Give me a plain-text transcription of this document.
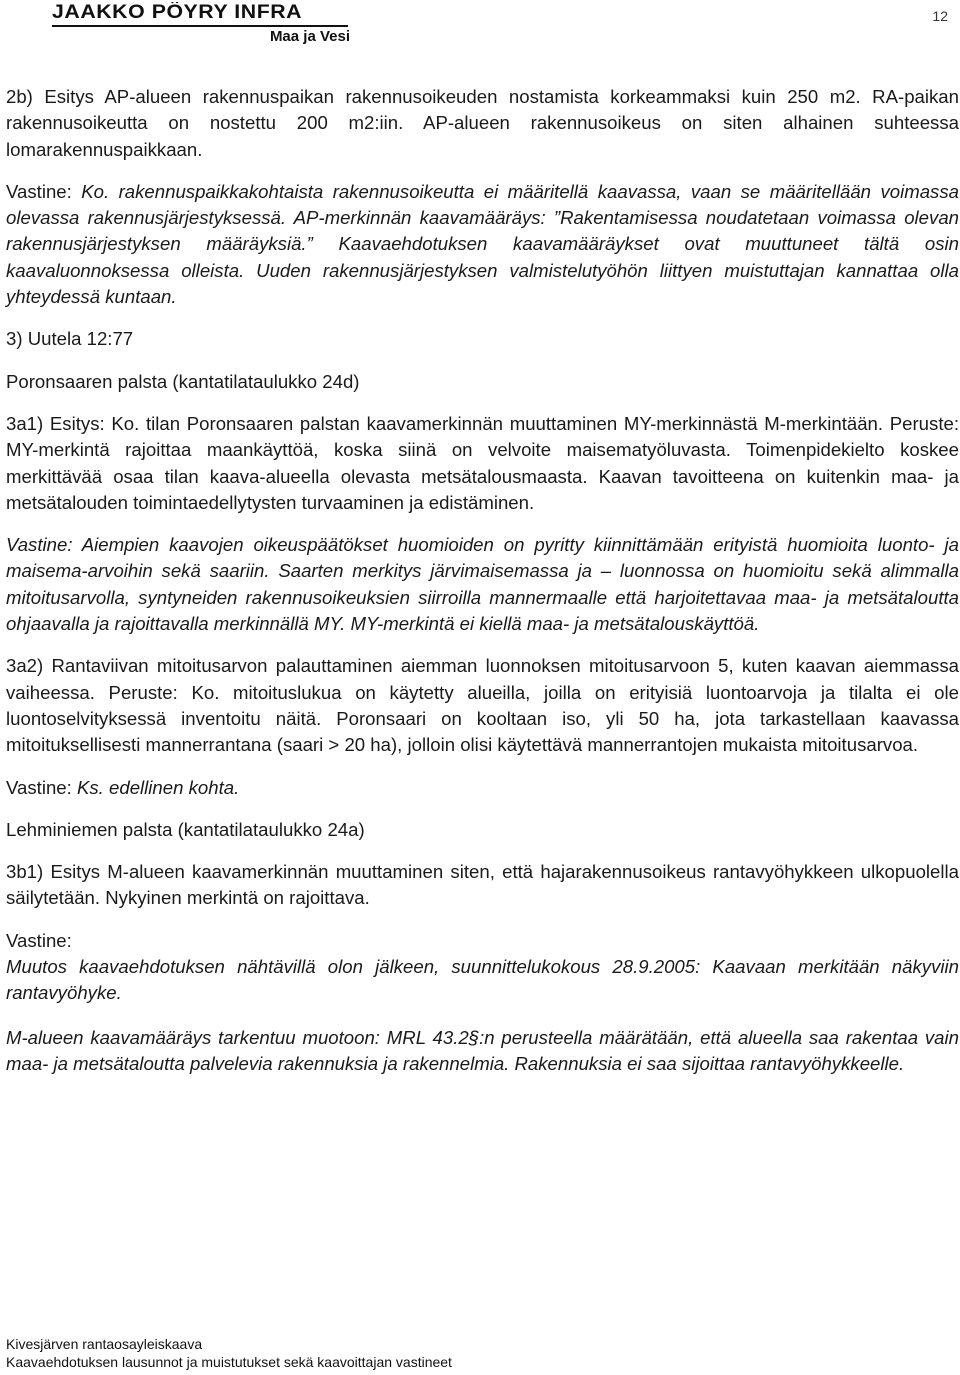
JAAKKO PÖYRY INFRA
Maa ja Vesi
12

2b) Esitys AP-alueen rakennuspaikan rakennusoikeuden nostamista korkeammaksi kuin 250 m2. RA-paikan rakennusoikeutta on nostettu 200 m2:iin. AP-alueen rakennusoikeus on siten alhainen suhteessa lomarakennuspaikkaan.

Vastine: Ko. rakennuspaikkakohtaista rakennusoikeutta ei määritellä kaavassa, vaan se määritellään voimassa olevassa rakennusjärjestyksessä. AP-merkinnän kaavamääräys: ”Rakentamisessa noudatetaan voimassa olevan rakennusjärjestyksen määräyksiä.” Kaavaehdotuksen kaavamääräykset ovat muuttuneet tältä osin kaavaluonnoksessa olleista. Uuden rakennusjärjestyksen valmistelutyöhön liittyen muistuttajan kannattaa olla yhteydessä kuntaan.

3) Uutela 12:77

Poronsaaren palsta (kantatilataulukko 24d)

3a1) Esitys: Ko. tilan Poronsaaren palstan kaavamerkinnän muuttaminen MY-merkinnästä M-merkintään. Peruste: MY-merkintä rajoittaa maankäyttöä, koska siinä on velvoite maisematyöluvasta. Toimenpidekielto koskee merkittävää osaa tilan kaava-alueella olevasta metsätalousmaasta. Kaavan tavoitteena on kuitenkin maa- ja metsätalouden toimintaedellytysten turvaaminen ja edistäminen.

Vastine: Aiempien kaavojen oikeuspäätökset huomioiden on pyritty kiinnittämään erityistä huomioita luonto- ja maisema-arvoihin sekä saariin. Saarten merkitys järvimaisemassa ja – luonnossa on huomioitu sekä alimmalla mitoitusarvolla, syntyneiden rakennusoikeuksien siirroilla mannermaalle että harjoitettavaa maa- ja metsätaloutta ohjaavalla ja rajoittavalla merkinnällä MY. MY-merkintä ei kiellä maa- ja metsätalouskäyttöä.

3a2) Rantaviivan mitoitusarvon palauttaminen aiemman luonnoksen mitoitusarvoon 5, kuten kaavan aiemmassa vaiheessa. Peruste: Ko. mitoituslukua on käytetty alueilla, joilla on erityisiä luontoarvoja ja tilalta ei ole luontoselvityksessä inventoitu näitä. Poronsaari on kooltaan iso, yli 50 ha, jota tarkastellaan kaavassa mitoituksellisesti mannerrantana (saari > 20 ha), jolloin olisi käytettävä mannerrantojen mukaista mitoitusarvoa.

Vastine: Ks. edellinen kohta.

Lehminiemen palsta (kantatilataulukko 24a)

3b1) Esitys M-alueen kaavamerkinnän muuttaminen siten, että hajarakennusoikeus rantavyöhykkeen ulkopuolella säilytetään. Nykyinen merkintä on rajoittava.

Vastine:
Muutos kaavaehdotuksen nähtävillä olon jälkeen, suunnittelukokous 28.9.2005: Kaavaan merkitään näkyviin rantavyöhyke.

M-alueen kaavamääräys tarkentuu muotoon: MRL 43.2§:n perusteella määrätään, että alueella saa rakentaa vain maa- ja metsätaloutta palvelevia rakennuksia ja rakennelmia. Rakennuksia ei saa sijoittaa rantavyöhykkeelle.

Kivesjärven rantaosayleiskaava
Kaavaehdotuksen lausunnot ja muistutukset sekä kaavoittajan vastineet
